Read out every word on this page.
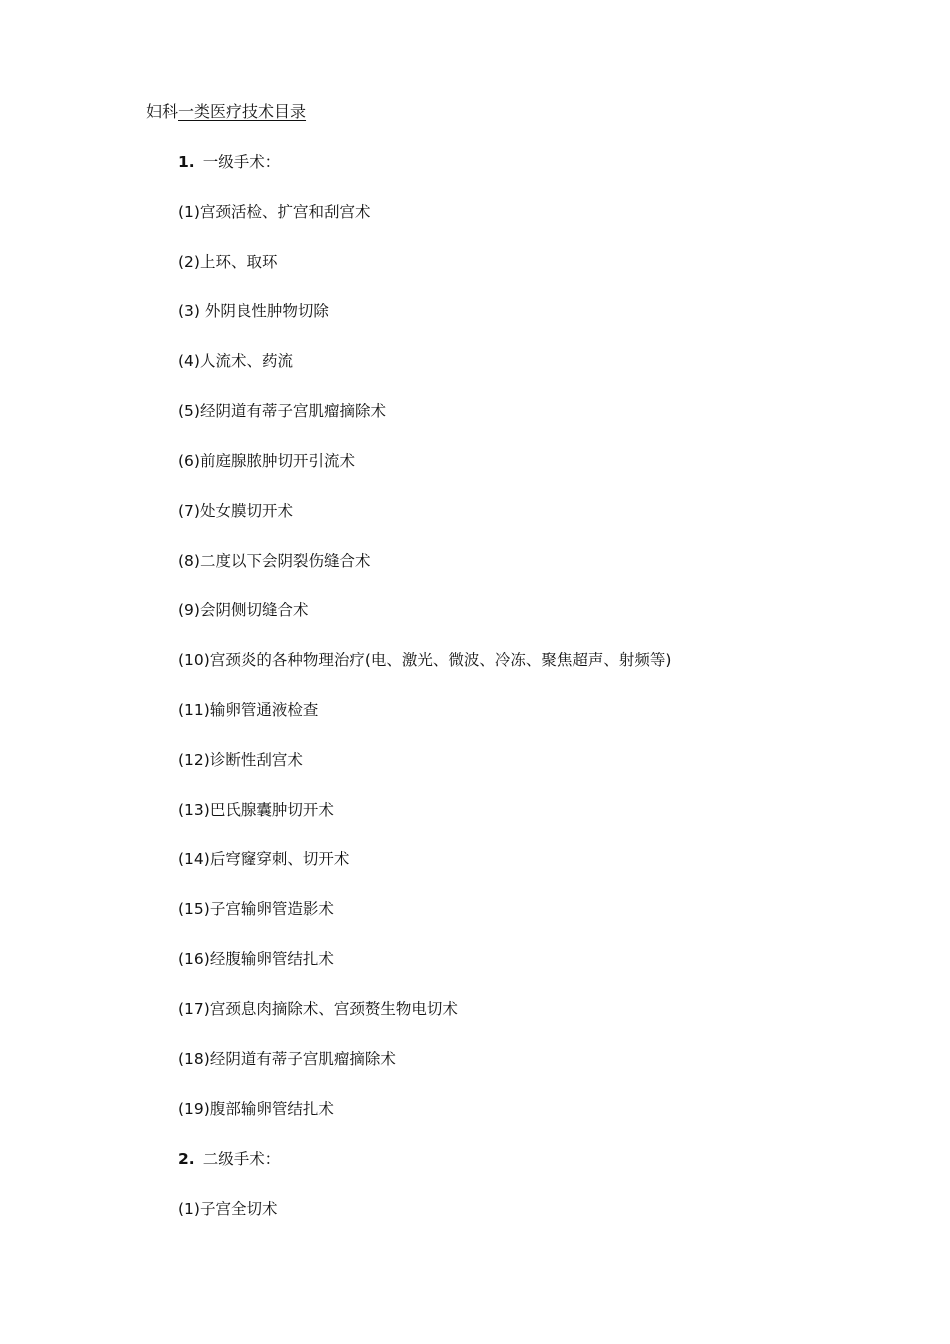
妇科一类医疗技术目录
1. 一级手术：
(1)宫颈活检、扩宫和刮宫术
(2)上环、取环
(3) 外阴良性肿物切除
(4)人流术、药流
(5)经阴道有蒂子宫肌瘤摘除术
(6)前庭腺脓肿切开引流术
(7)处女膜切开术
(8)二度以下会阴裂伤缝合术
(9)会阴侧切缝合术
(10)宫颈炎的各种物理治疗(电、激光、微波、冷冻、聚焦超声、射频等)
(11)输卵管通液检查
(12)诊断性刮宫术
(13)巴氏腺囊肿切开术
(14)后穹窿穿刺、切开术
(15)子宫输卵管造影术
(16)经腹输卵管结扎术
(17)宫颈息肉摘除术、宫颈赘生物电切术
(18)经阴道有蒂子宫肌瘤摘除术
(19)腹部输卵管结扎术
2. 二级手术：
(1)子宫全切术
